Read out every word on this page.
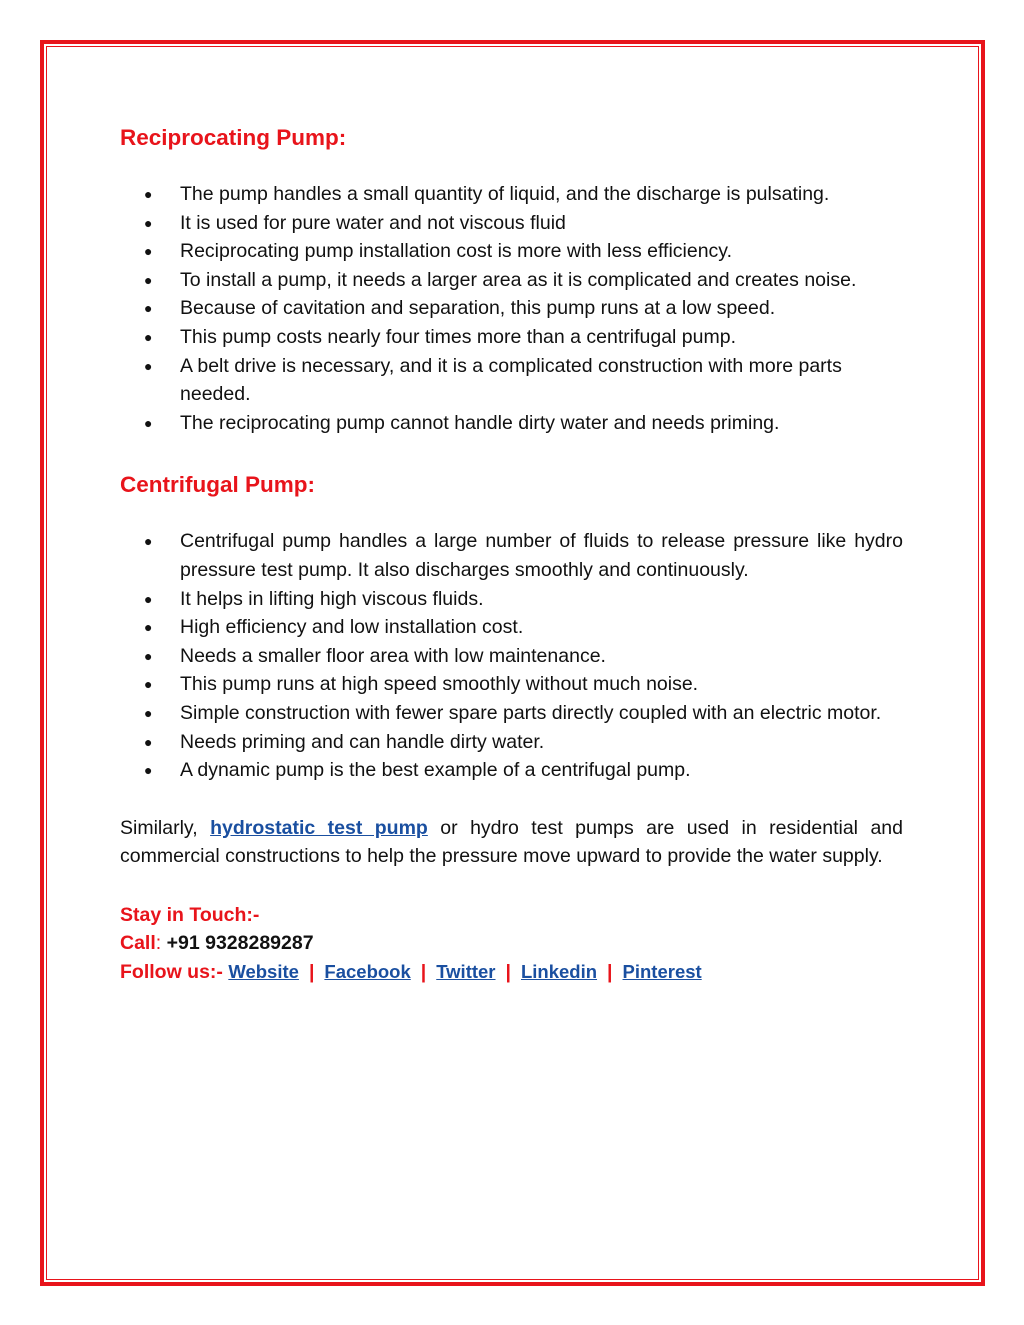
Reciprocating Pump:
● The pump handles a small quantity of liquid, and the discharge is pulsating.
● It is used for pure water and not viscous fluid
● Reciprocating pump installation cost is more with less efficiency.
● To install a pump, it needs a larger area as it is complicated and creates noise.
● Because of cavitation and separation, this pump runs at a low speed.
● This pump costs nearly four times more than a centrifugal pump.
● A belt drive is necessary, and it is a complicated construction with more parts needed.
● The reciprocating pump cannot handle dirty water and needs priming.
Centrifugal Pump:
● Centrifugal pump handles a large number of fluids to release pressure like hydro pressure test pump. It also discharges smoothly and continuously.
● It helps in lifting high viscous fluids.
● High efficiency and low installation cost.
● Needs a smaller floor area with low maintenance.
● This pump runs at high speed smoothly without much noise.
● Simple construction with fewer spare parts directly coupled with an electric motor.
● Needs priming and can handle dirty water.
● A dynamic pump is the best example of a centrifugal pump.

Similarly, hydrostatic test pump or hydro test pumps are used in residential and commercial constructions to help the pressure move upward to provide the water supply.

Stay in Touch:-
Call: +91 9328289287
Follow us:- Website | Facebook | Twitter | Linkedin | Pinterest
